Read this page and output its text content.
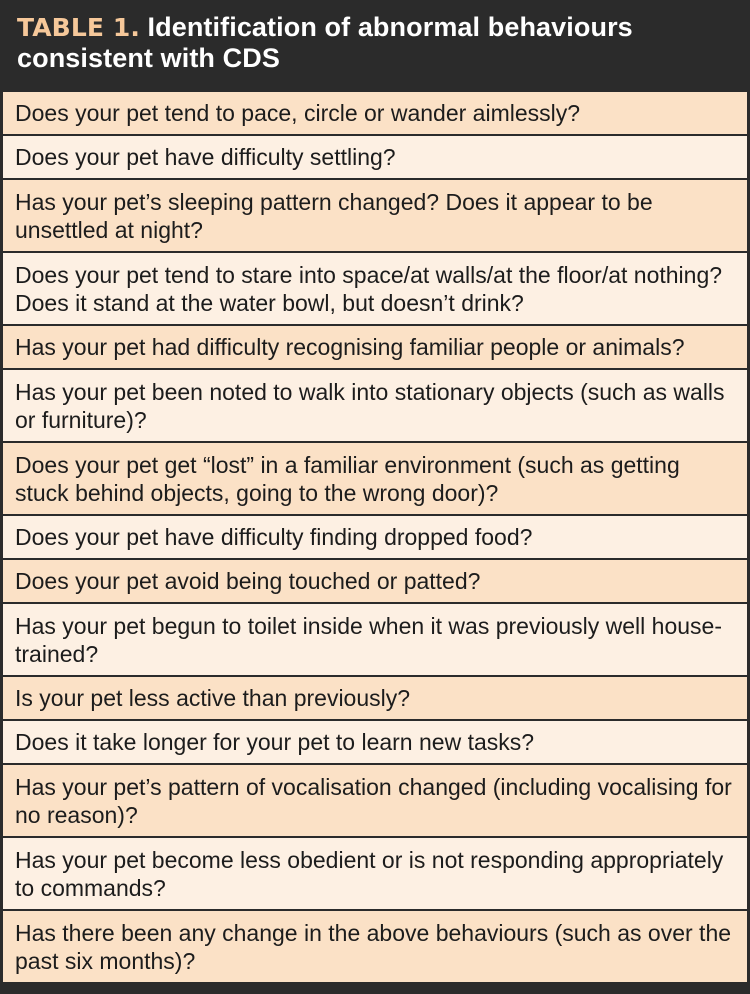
TABLE 1. Identification of abnormal behaviours consistent with CDS
Does your pet tend to pace, circle or wander aimlessly?
Does your pet have difficulty settling?
Has your pet’s sleeping pattern changed? Does it appear to be unsettled at night?
Does your pet tend to stare into space/at walls/at the floor/at nothing? Does it stand at the water bowl, but doesn’t drink?
Has your pet had difficulty recognising familiar people or animals?
Has your pet been noted to walk into stationary objects (such as walls or furniture)?
Does your pet get “lost” in a familiar environment (such as getting stuck behind objects, going to the wrong door)?
Does your pet have difficulty finding dropped food?
Does your pet avoid being touched or patted?
Has your pet begun to toilet inside when it was previously well house-trained?
Is your pet less active than previously?
Does it take longer for your pet to learn new tasks?
Has your pet’s pattern of vocalisation changed (including vocalising for no reason)?
Has your pet become less obedient or is not responding appropriately to commands?
Has there been any change in the above behaviours (such as over the past six months)?
